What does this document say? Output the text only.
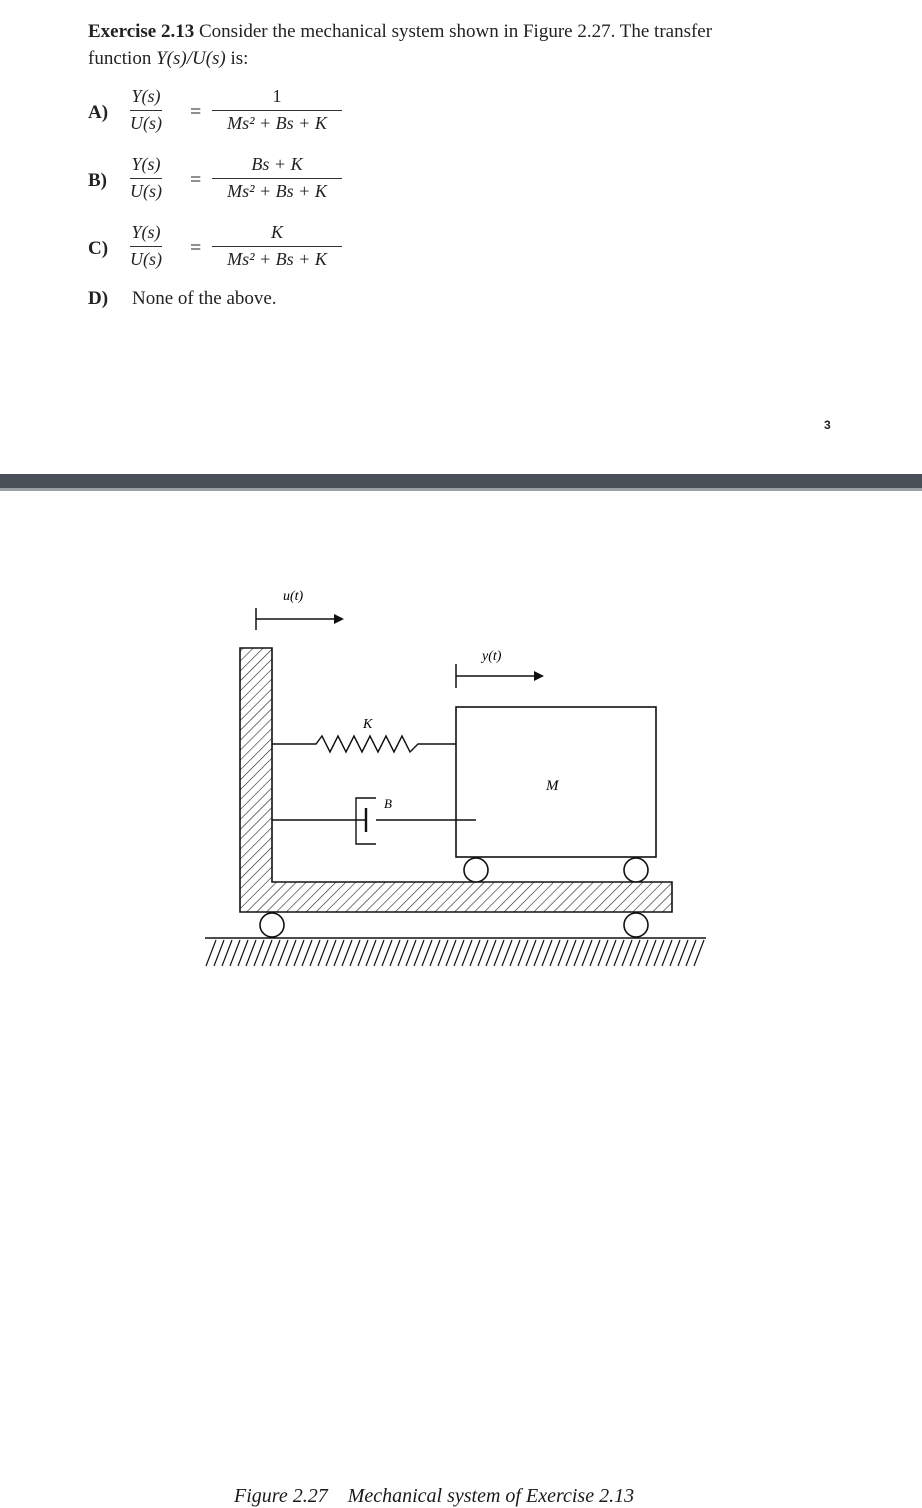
Exercise 2.13 Consider the mechanical system shown in Figure 2.27. The transfer
function Y(s)/U(s) is:
A)
Y(s)
U(s) =
1
Ms² + Bs + K
B)
Y(s)
U(s) =
Bs + K
Ms² + Bs + K
C)
Y(s)
U(s) =
K
Ms² + Bs + K
D) None of the above.
3
u(t)
y(t)
M
K
B
Figure 2.27 Mechanical system of Exercise 2.13
